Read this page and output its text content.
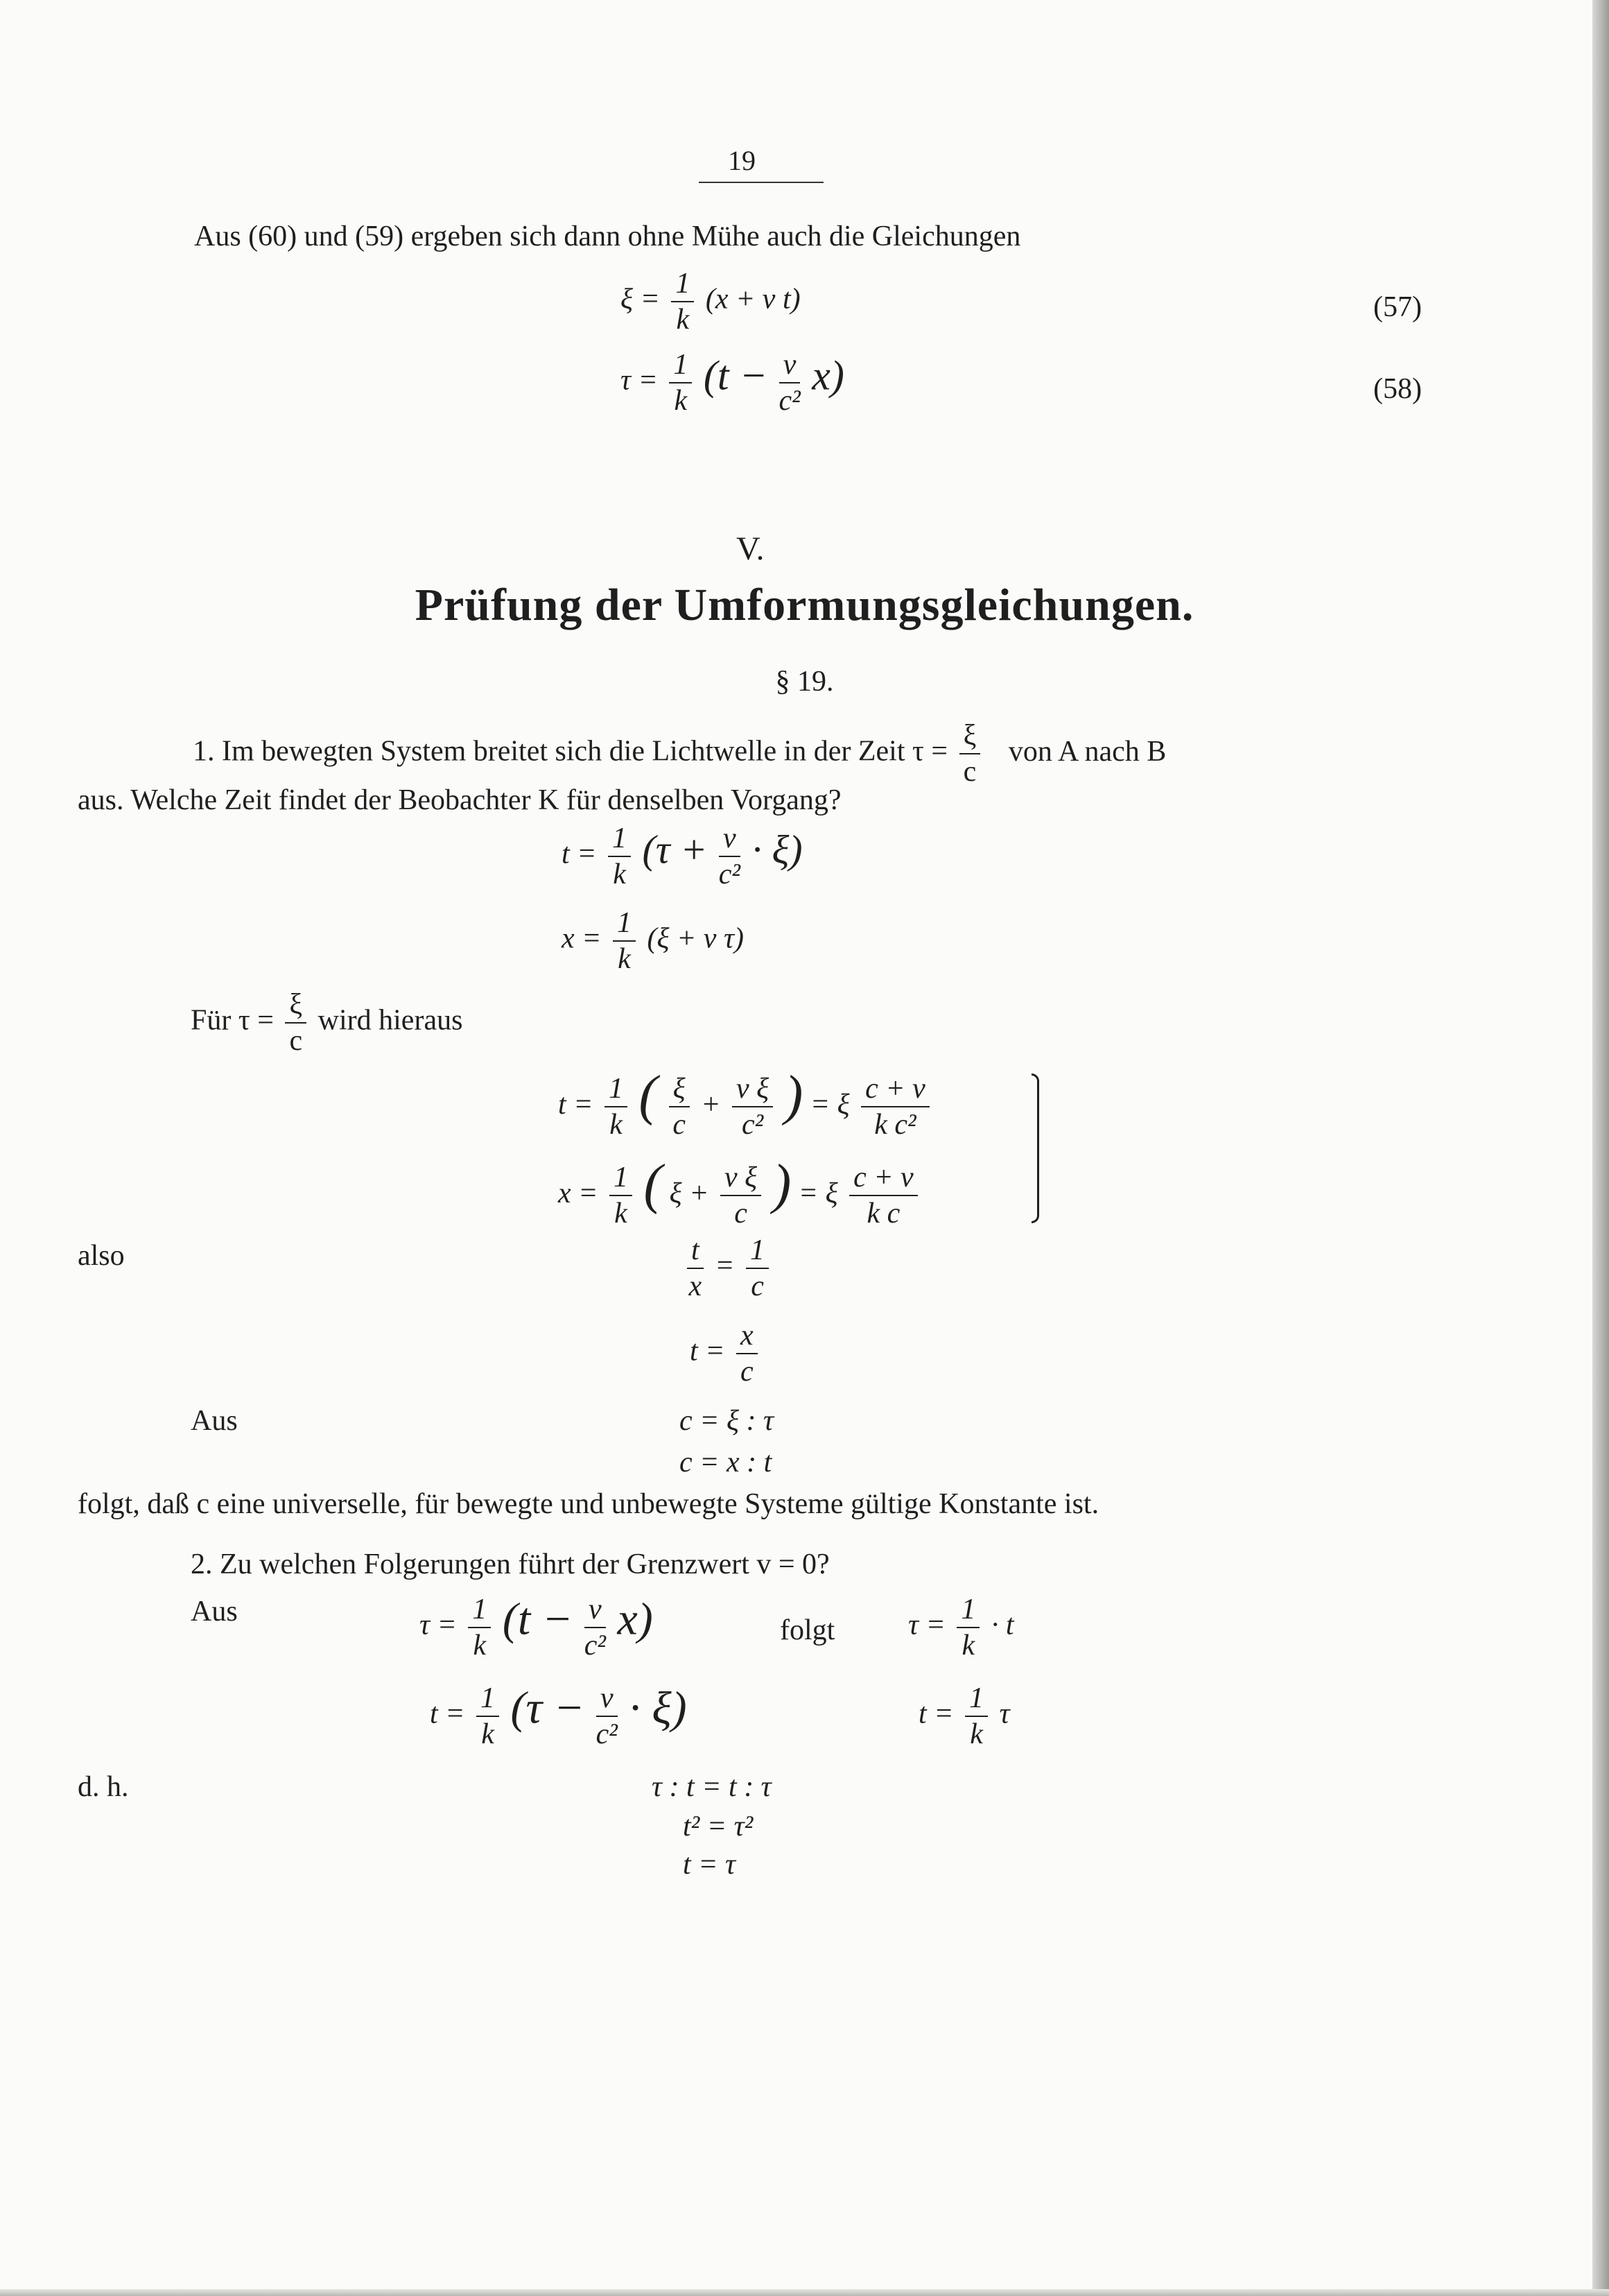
19
Aus (60) und (59) ergeben sich dann ohne Mühe auch die Gleichungen
$\xi = \frac{1}{k} (x + v$ t)	(57)
$\tau = \frac{1}{k} (t - \frac{v}{\text{c²}} x)$	(58)
V.
Prüfung der Umformungsgleichungen.
§ 19.
1. Im bewegten System breitet sich die Lichtwelle in der Zeit $\tau = \frac{\xi}{c}$ von A nach B
aus. Welche Zeit findet der Beobachter K für denselben Vorgang?
$t = \frac{1}{k} (\tau + \frac{v}{\text{c²}} \cdot \xi)$
$x = \frac{1}{k} (\xi + v$ τ)
Für $\tau = \frac{\xi}{c}$ wird hieraus
$t = \frac{1}{k}$ ( $\frac{\xi}{c} + \frac{\text{v ξ}}{\text{c²}}$ ) = ξ $\frac{c + v}{\text{k c²}}$
$x = \frac{1}{k}$ ( $\xi + \frac{\text{v ξ}}{c}$ ) = ξ $\frac{c + v}{\text{k c}}$
also	$\frac{t}{x} = \frac{1}{c}$
$t = \frac{x}{c}$
Aus	c = ξ : τ
c = x : t
folgt, daß c eine universelle, für bewegte und unbewegte Systeme gültige Konstante ist.
2. Zu welchen Folgerungen führt der Grenzwert v = 0?
Aus	$\tau = \frac{1}{k} (t - \frac{v}{\text{c²}} x)$	folgt	$\tau = \frac{1}{k} \cdot t$
$t = \frac{1}{k} (\tau - \frac{v}{\text{c²}} \cdot \xi)$	$t = \frac{1}{k}$ τ
d. h.	τ : t = t : τ
t² = τ²
t = τ
